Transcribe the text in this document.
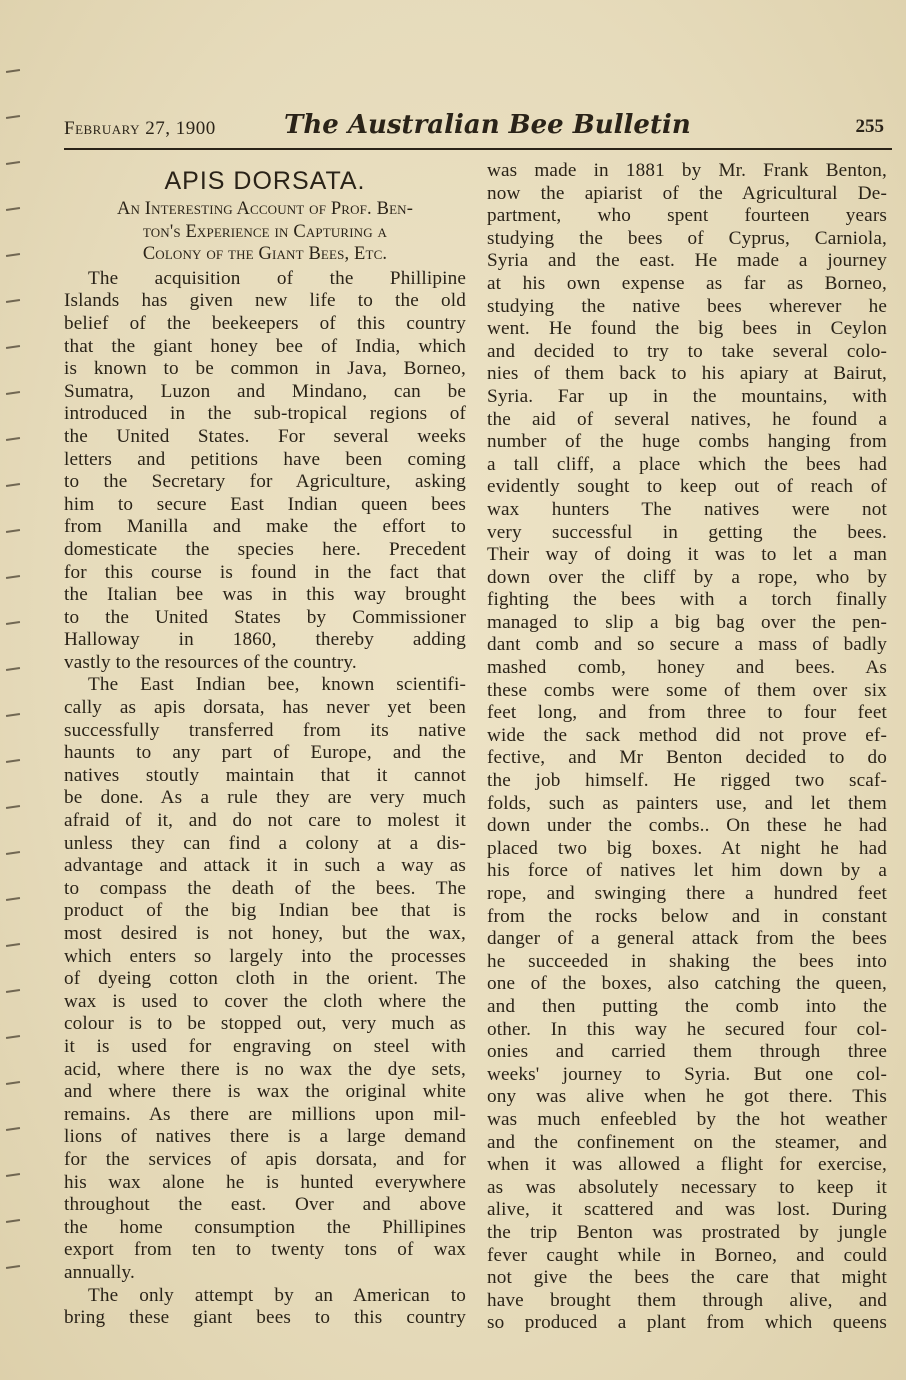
February 27, 1900	The Australian Bee Bulletin	255
APIS DORSATA.
An Interesting Account of Prof. Ben-
ton's Experience in Capturing a
Colony of the Giant Bees, Etc.
The acquisition of the Phillipine
Islands has given new life to the old
belief of the beekeepers of this country
that the giant honey bee of India, which
is known to be common in Java, Borneo,
Sumatra, Luzon and Mindano, can be
introduced in the sub-tropical regions of
the United States. For several weeks
letters and petitions have been coming
to the Secretary for Agriculture, asking
him to secure East Indian queen bees
from Manilla and make the effort to
domesticate the species here. Precedent
for this course is found in the fact that
the Italian bee was in this way brought
to the United States by Commissioner
Halloway in 1860, thereby adding
vastly to the resources of the country.
The East Indian bee, known scientifi-
cally as apis dorsata, has never yet been
successfully transferred from its native
haunts to any part of Europe, and the
natives stoutly maintain that it cannot
be done. As a rule they are very much
afraid of it, and do not care to molest it
unless they can find a colony at a dis-
advantage and attack it in such a way as
to compass the death of the bees. The
product of the big Indian bee that is
most desired is not honey, but the wax,
which enters so largely into the processes
of dyeing cotton cloth in the orient. The
wax is used to cover the cloth where the
colour is to be stopped out, very much as
it is used for engraving on steel with
acid, where there is no wax the dye sets,
and where there is wax the original white
remains. As there are millions upon mil-
lions of natives there is a large demand
for the services of apis dorsata, and for
his wax alone he is hunted everywhere
throughout the east. Over and above
the home consumption the Phillipines
export from ten to twenty tons of wax
annually.
The only attempt by an American to
bring these giant bees to this country
was made in 1881 by Mr. Frank Benton,
now the apiarist of the Agricultural De-
partment, who spent fourteen years
studying the bees of Cyprus, Carniola,
Syria and the east. He made a journey
at his own expense as far as Borneo,
studying the native bees wherever he
went. He found the big bees in Ceylon
and decided to try to take several colo-
nies of them back to his apiary at Bairut,
Syria. Far up in the mountains, with
the aid of several natives, he found a
number of the huge combs hanging from
a tall cliff, a place which the bees had
evidently sought to keep out of reach of
wax hunters The natives were not
very successful in getting the bees.
Their way of doing it was to let a man
down over the cliff by a rope, who by
fighting the bees with a torch finally
managed to slip a big bag over the pen-
dant comb and so secure a mass of badly
mashed comb, honey and bees. As
these combs were some of them over six
feet long, and from three to four feet
wide the sack method did not prove ef-
fective, and Mr Benton decided to do
the job himself. He rigged two scaf-
folds, such as painters use, and let them
down under the combs.. On these he had
placed two big boxes. At night he had
his force of natives let him down by a
rope, and swinging there a hundred feet
from the rocks below and in constant
danger of a general attack from the bees
he succeeded in shaking the bees into
one of the boxes, also catching the queen,
and then putting the comb into the
other. In this way he secured four col-
onies and carried them through three
weeks' journey to Syria. But one col-
ony was alive when he got there. This
was much enfeebled by the hot weather
and the confinement on the steamer, and
when it was allowed a flight for exercise,
as was absolutely necessary to keep it
alive, it scattered and was lost. During
the trip Benton was prostrated by jungle
fever caught while in Borneo, and could
not give the bees the care that might
have brought them through alive, and
so produced a plant from which queens
